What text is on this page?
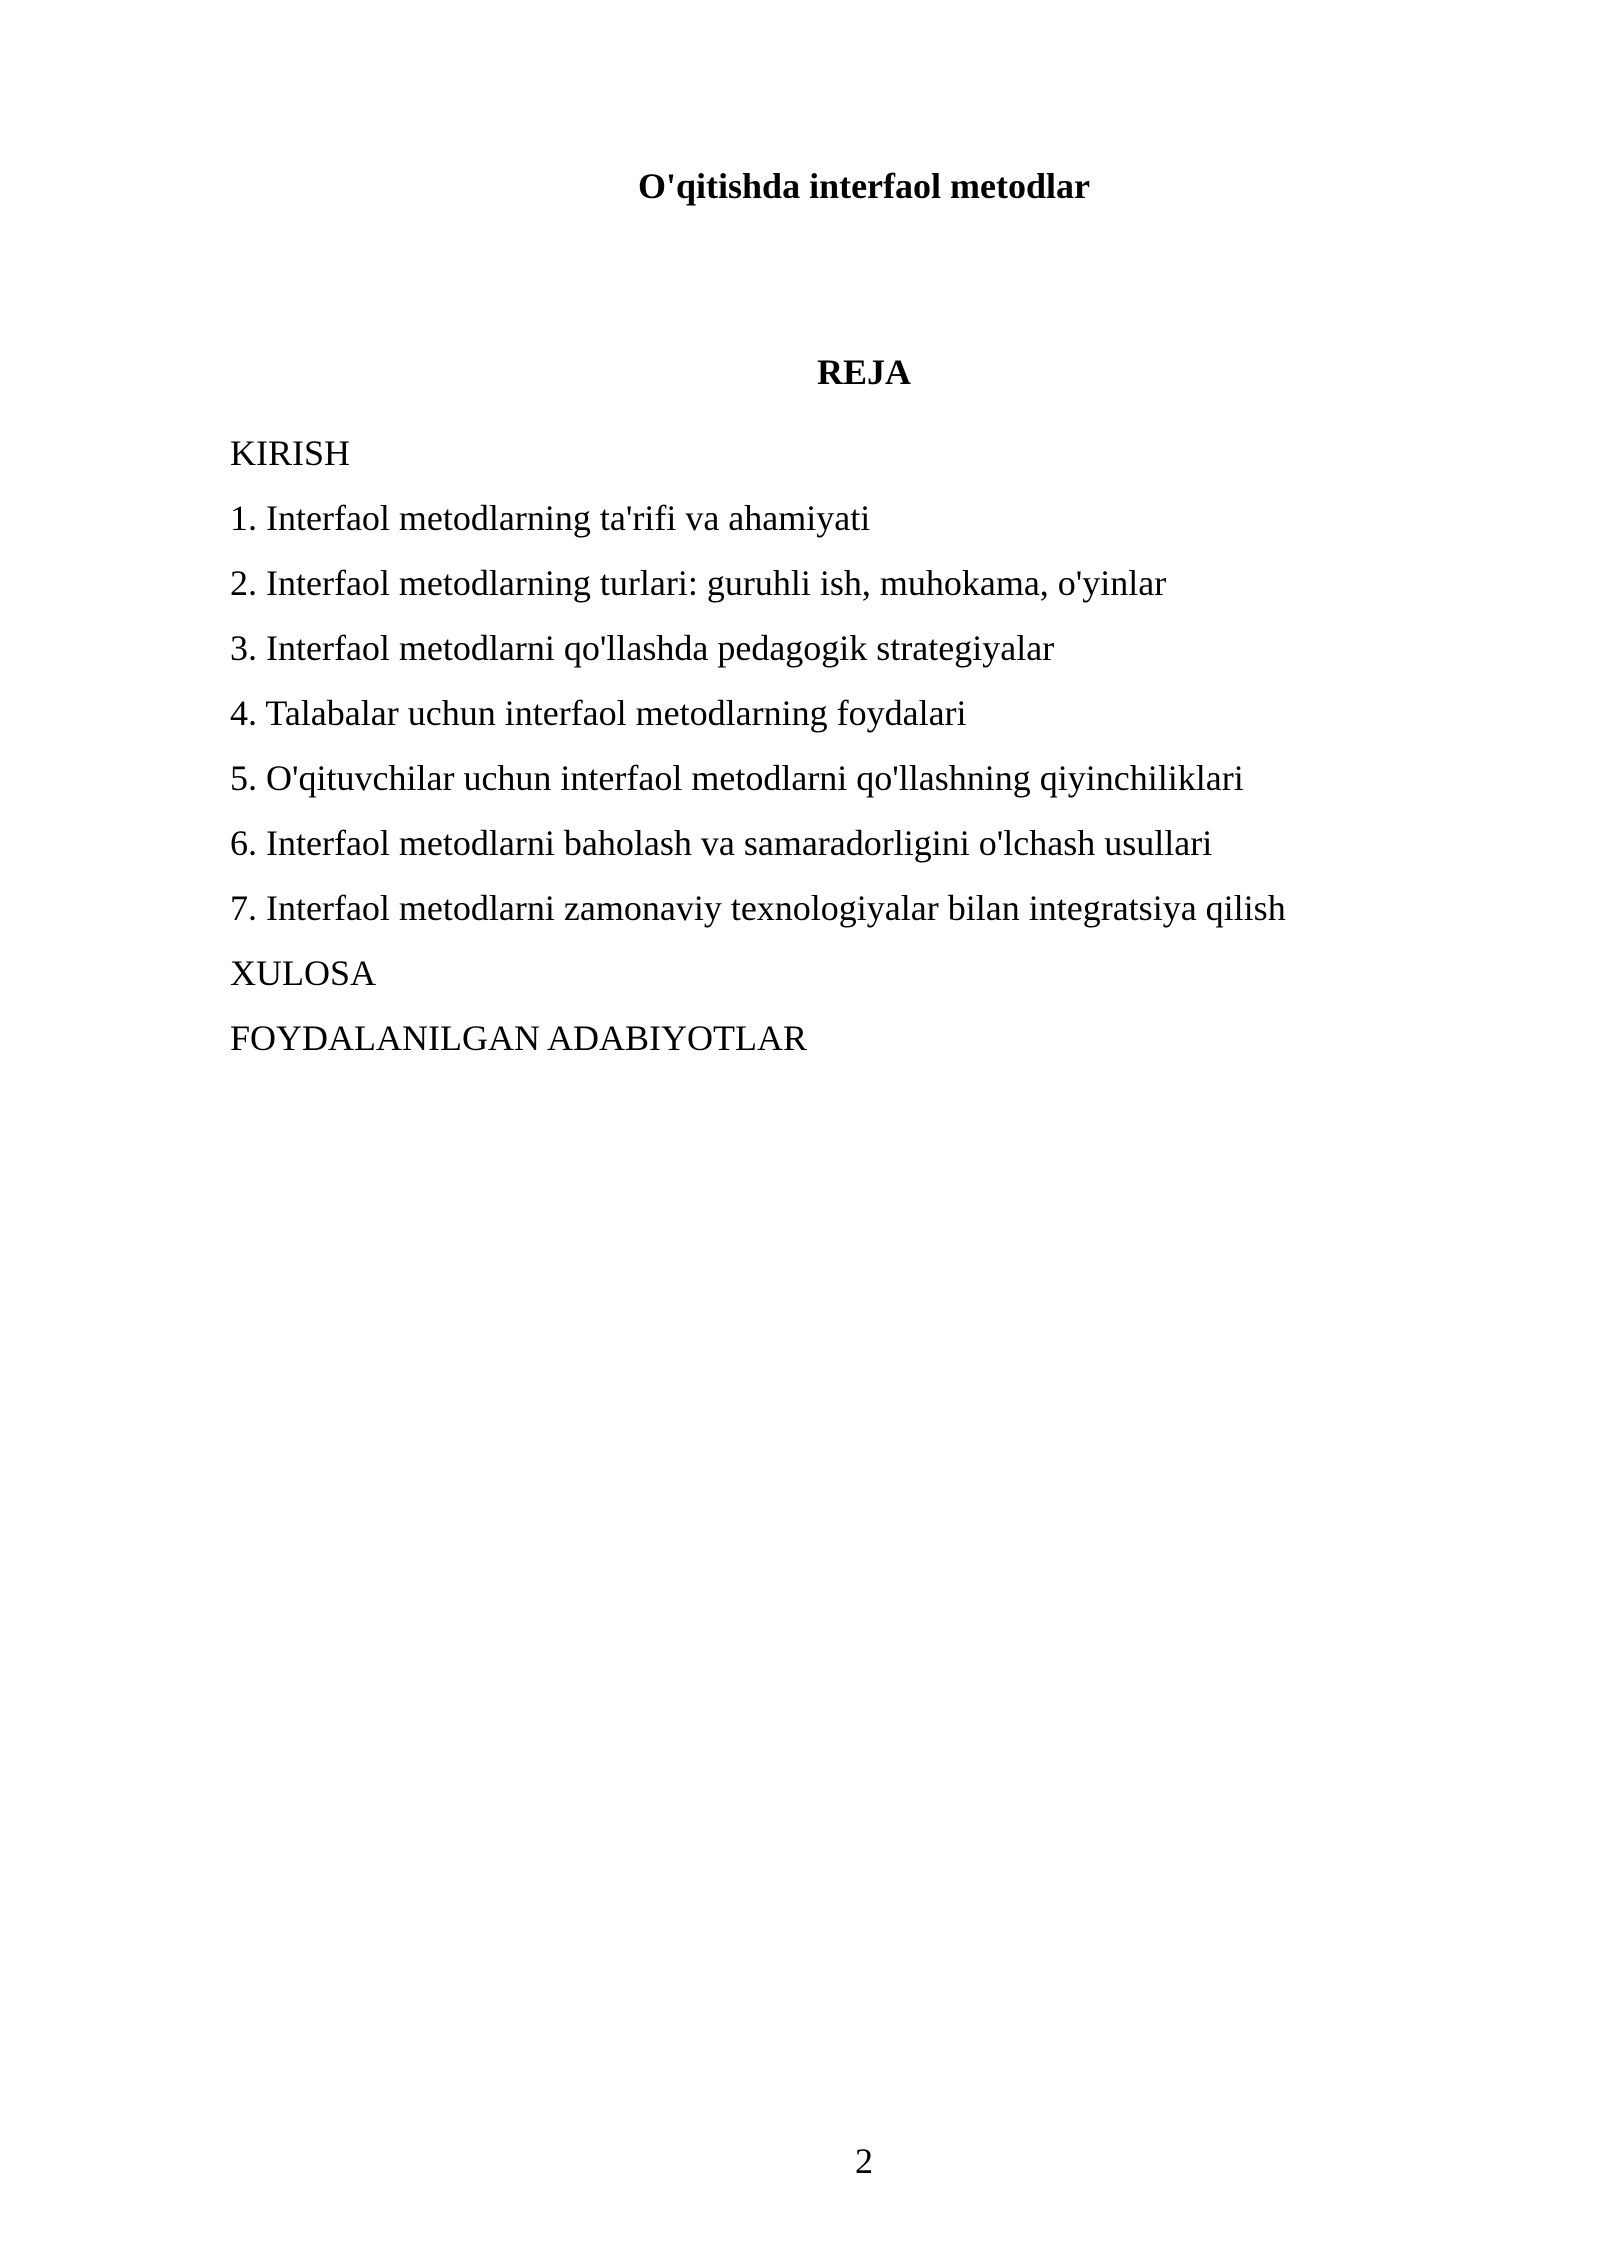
O'qitishda interfaol metodlar
REJA
KIRISH
1. Interfaol metodlarning ta'rifi va ahamiyati
2. Interfaol metodlarning turlari: guruhli ish, muhokama, o'yinlar
3. Interfaol metodlarni qo'llashda pedagogik strategiyalar
4. Talabalar uchun interfaol metodlarning foydalari
5. O'qituvchilar uchun interfaol metodlarni qo'llashning qiyinchiliklari
6. Interfaol metodlarni baholash va samaradorligini o'lchash usullari
7. Interfaol metodlarni zamonaviy texnologiyalar bilan integratsiya qilish
XULOSA
FOYDALANILGAN ADABIYOTLAR
2
